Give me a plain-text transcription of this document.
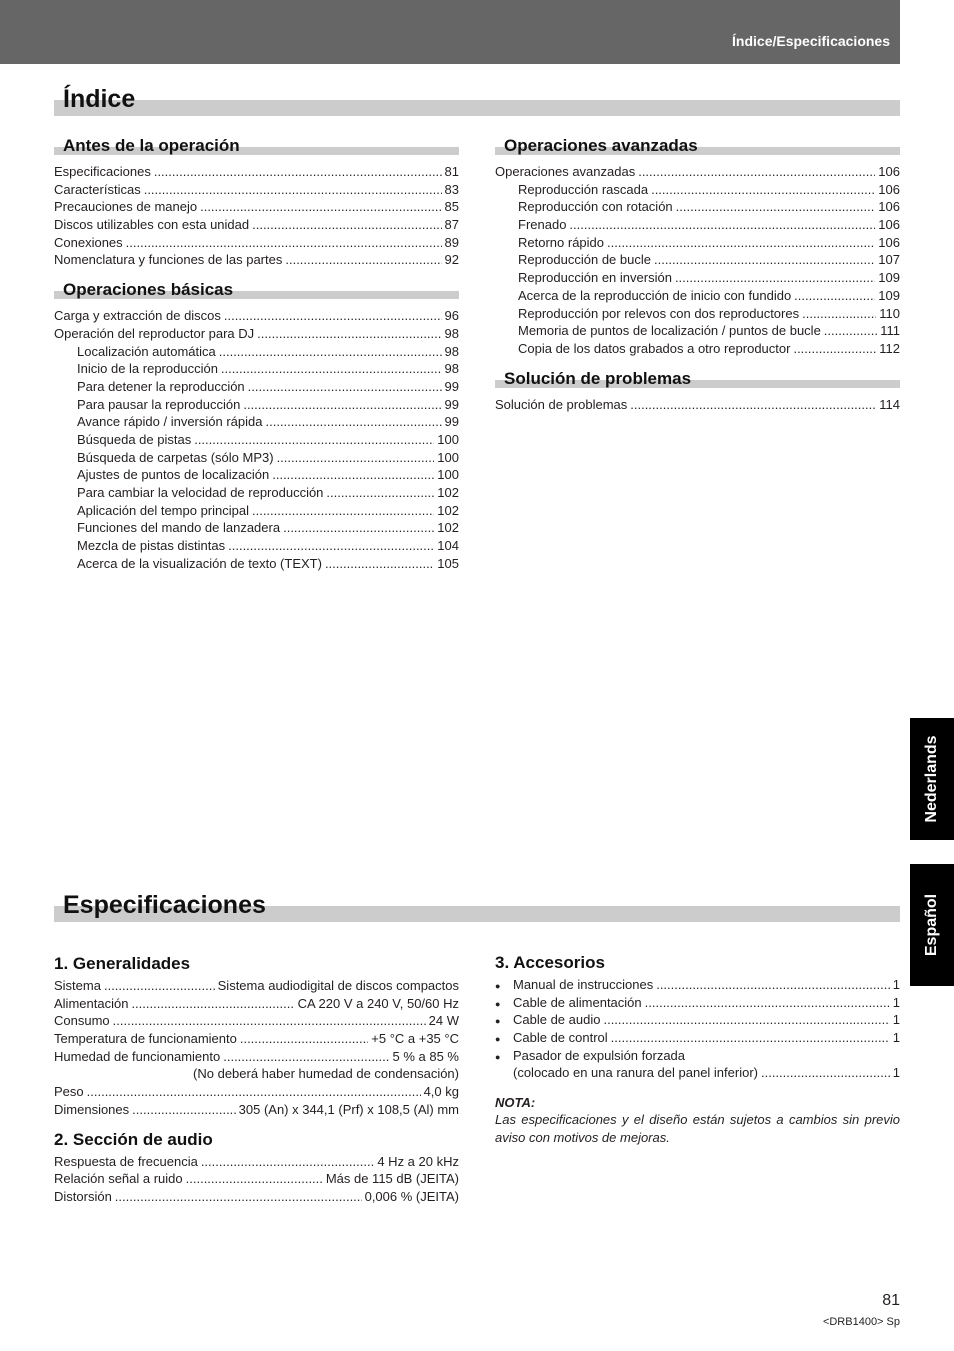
Índice/Especificaciones
Índice
Antes de la operación
Especificaciones .....	81
Características .....	83
Precauciones de manejo .....	85
Discos utilizables con esta unidad .....	87
Conexiones .....	89
Nomenclatura y funciones de las partes .....	92
Operaciones básicas
Carga y extracción de discos .....	96
Operación del reproductor para DJ .....	98
Localización automática .....	98
Inicio de la reproducción .....	98
Para detener la reproducción .....	99
Para pausar la reproducción .....	99
Avance rápido / inversión rápida .....	99
Búsqueda de pistas .....	100
Búsqueda de carpetas (sólo MP3) .....	100
Ajustes de puntos de localización .....	100
Para cambiar la velocidad de reproducción .....	102
Aplicación del tempo principal .....	102
Funciones del mando de lanzadera .....	102
Mezcla de pistas distintas .....	104
Acerca de la visualización de texto (TEXT) .....	105
Operaciones avanzadas
Operaciones avanzadas .....	106
Reproducción rascada .....	106
Reproducción con rotación .....	106
Frenado .....	106
Retorno rápido .....	106
Reproducción de bucle .....	107
Reproducción en inversión .....	109
Acerca de la reproducción de inicio con fundido .....	109
Reproducción por relevos con dos reproductores .....	110
Memoria de puntos de localización / puntos de bucle .....	111
Copia de los datos grabados a otro reproductor .....	112
Solución de problemas
Solución de problemas .....	114
Especificaciones
1. Generalidades
Sistema .....	Sistema audiodigital de discos compactos
Alimentación .....	CA 220 V a 240 V, 50/60 Hz
Consumo .....	24 W
Temperatura de funcionamiento .....	+5 °C a +35 °C
Humedad de funcionamiento .....	5 % a 85 %
(No deberá haber humedad de condensación)
Peso .....	4,0 kg
Dimensiones .....	305 (An) x 344,1 (Prf) x 108,5 (Al) mm
2. Sección de audio
Respuesta de frecuencia .....	4 Hz a 20 kHz
Relación señal a ruido .....	Más de 115 dB (JEITA)
Distorsión .....	0,006 % (JEITA)
3. Accesorios
● Manual de instrucciones .....	1
● Cable de alimentación .....	1
● Cable de audio .....	1
● Cable de control .....	1
● Pasador de expulsión forzada
(colocado en una ranura del panel inferior) .....	1
NOTA:
Las especificaciones y el diseño están sujetos a cambios sin previo aviso con motivos de mejoras.
Nederlands
Español
81
<DRB1400> Sp
